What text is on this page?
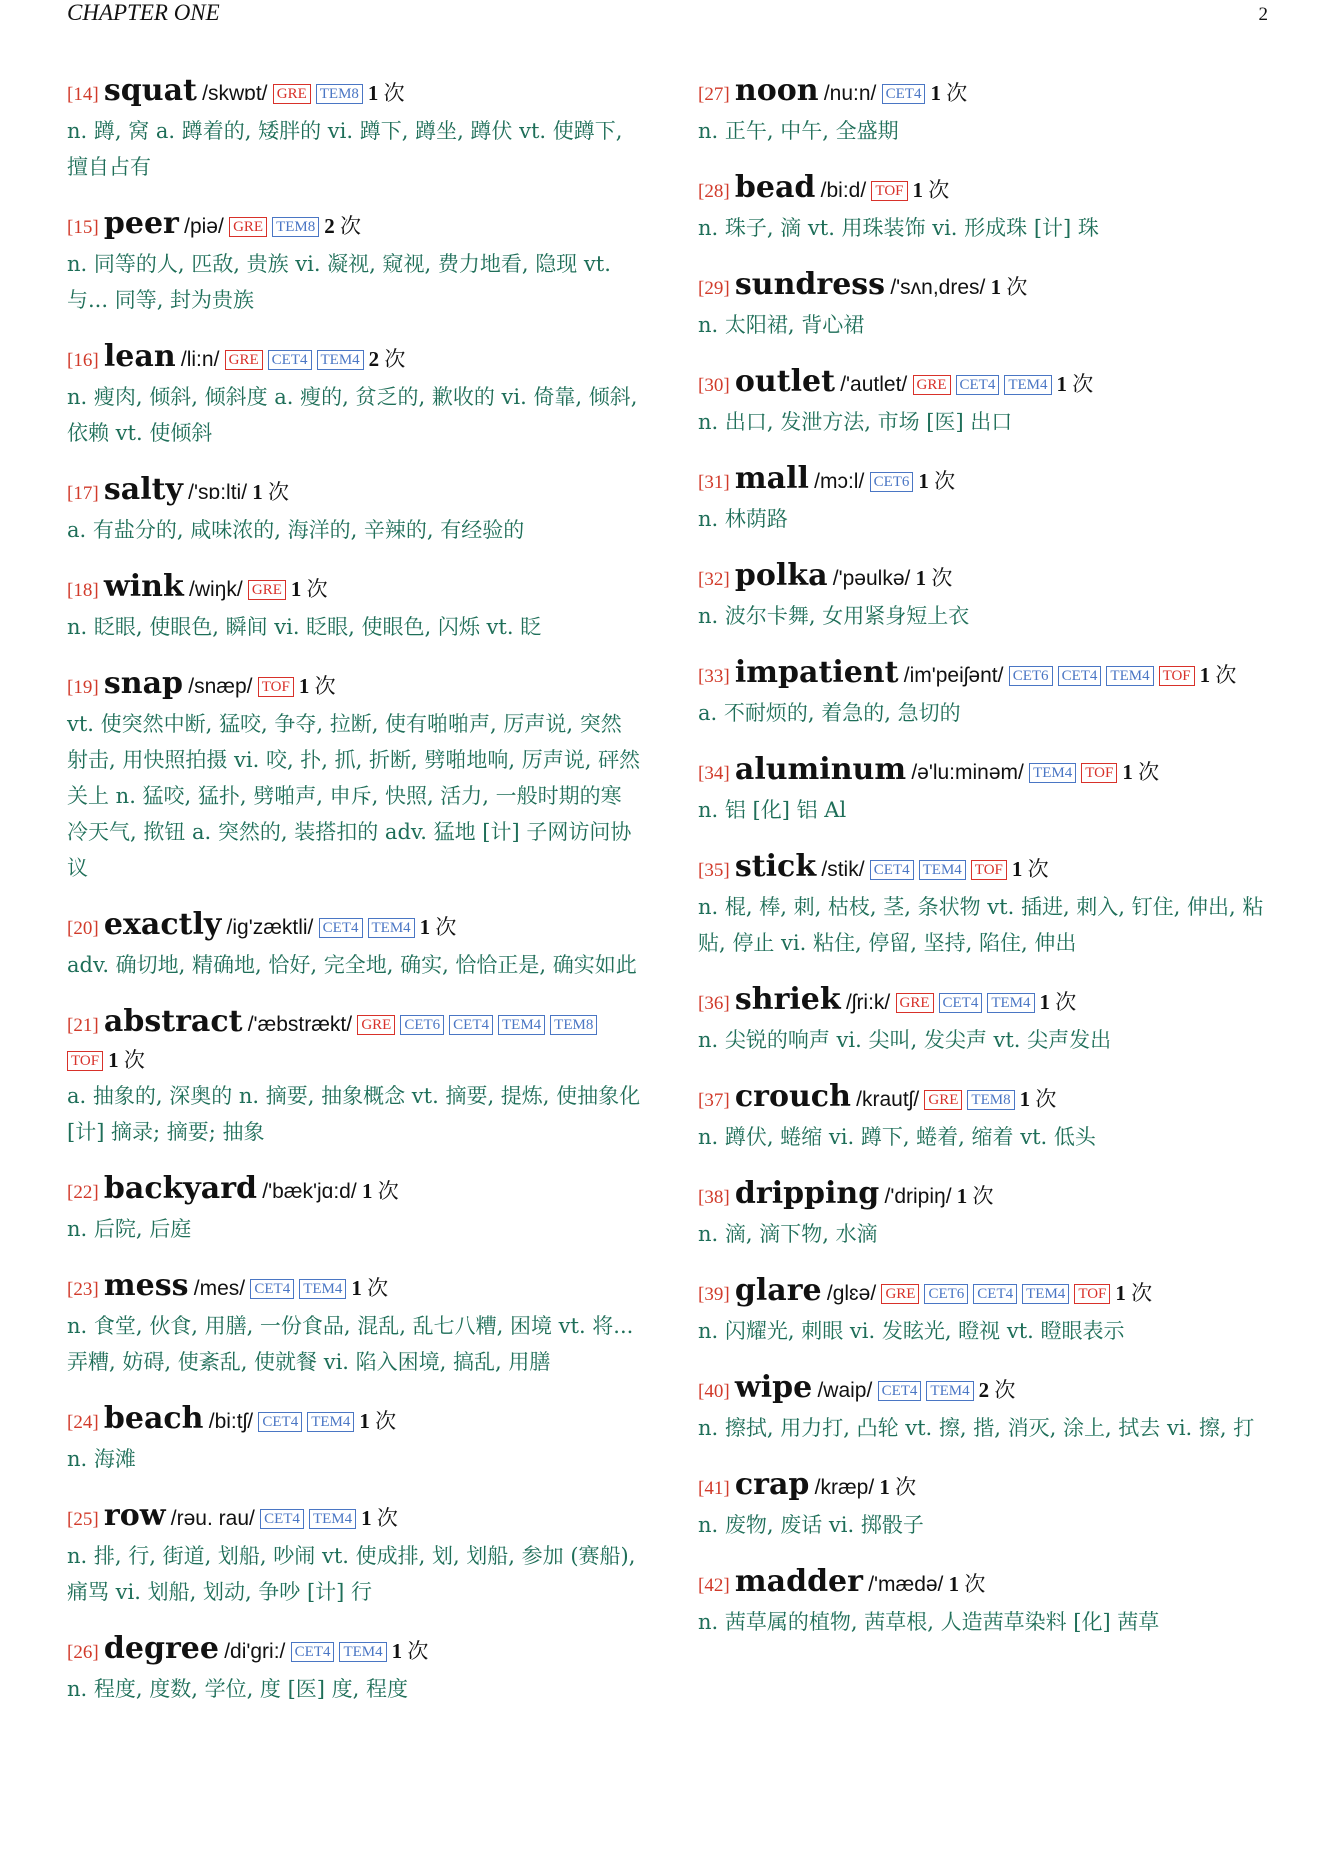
CHAPTER ONE	2
[14] squat /skwɒt/ GRE TEM8 1 次
n. 蹲, 窝 a. 蹲着的, 矮胖的 vi. 蹲下, 蹲坐, 蹲伏 vt. 使蹲下, 擅自占有
[15] peer /piə/ GRE TEM8 2 次
n. 同等的人, 匹敌, 贵族 vi. 凝视, 窥视, 费力地看, 隐现 vt. 与... 同等, 封为贵族
[16] lean /li:n/ GRE CET4 TEM4 2 次
n. 瘦肉, 倾斜, 倾斜度 a. 瘦的, 贫乏的, 歉收的 vi. 倚靠, 倾斜, 依赖 vt. 使倾斜
[17] salty /'sɒ:lti/ 1 次
a. 有盐分的, 咸味浓的, 海洋的, 辛辣的, 有经验的
[18] wink /wiŋk/ GRE 1 次
n. 眨眼, 使眼色, 瞬间 vi. 眨眼, 使眼色, 闪烁 vt. 眨
[19] snap /snæp/ TOF 1 次
vt. 使突然中断, 猛咬, 争夺, 拉断, 使有啪啪声, 厉声说, 突然射击, 用快照拍摄 vi. 咬, 扑, 抓, 折断, 劈啪地响, 厉声说, 砰然关上 n. 猛咬, 猛扑, 劈啪声, 申斥, 快照, 活力, 一般时期的寒冷天气, 揿钮 a. 突然的, 装搭扣的 adv. 猛地 [计] 子网访问协议
[20] exactly /ig'zæktli/ CET4 TEM4 1 次
adv. 确切地, 精确地, 恰好, 完全地, 确实, 恰恰正是, 确实如此
[21] abstract /'æbstrækt/ GRE CET6 CET4 TEM4 TEM8TOF 1 次
a. 抽象的, 深奥的 n. 摘要, 抽象概念 vt. 摘要, 提炼, 使抽象化 [计] 摘录; 摘要; 抽象
[22] backyard /'bæk'jɑ:d/ 1 次
n. 后院, 后庭
[23] mess /mes/ CET4 TEM4 1 次
n. 食堂, 伙食, 用膳, 一份食品, 混乱, 乱七八糟, 困境 vt. 将... 弄糟, 妨碍, 使紊乱, 使就餐 vi. 陷入困境, 搞乱, 用膳
[24] beach /bi:tʃ/ CET4 TEM4 1 次
n. 海滩
[25] row /rəu. rau/ CET4 TEM4 1 次
n. 排, 行, 街道, 划船, 吵闹 vt. 使成排, 划, 划船, 参加 (赛船), 痛骂 vi. 划船, 划动, 争吵 [计] 行
[26] degree /di'gri:/ CET4 TEM4 1 次
n. 程度, 度数, 学位, 度 [医] 度, 程度
[27] noon /nu:n/ CET4 1 次
n. 正午, 中午, 全盛期
[28] bead /bi:d/ TOF 1 次
n. 珠子, 滴 vt. 用珠装饰 vi. 形成珠 [计] 珠
[29] sundress /'sʌn,dres/ 1 次
n. 太阳裙, 背心裙
[30] outlet /'autlet/ GRE CET4 TEM4 1 次
n. 出口, 发泄方法, 市场 [医] 出口
[31] mall /mɔ:l/ CET6 1 次
n. 林荫路
[32] polka /'pəulkə/ 1 次
n. 波尔卡舞, 女用紧身短上衣
[33] impatient /im'peiʃənt/ CET6 CET4 TEM4 TOF 1 次
a. 不耐烦的, 着急的, 急切的
[34] aluminum /ə'lu:minəm/ TEM4 TOF 1 次
n. 铝 [化] 铝 Al
[35] stick /stik/ CET4 TEM4 TOF 1 次
n. 棍, 棒, 刺, 枯枝, 茎, 条状物 vt. 插进, 刺入, 钉住, 伸出, 粘贴, 停止 vi. 粘住, 停留, 坚持, 陷住, 伸出
[36] shriek /ʃri:k/ GRE CET4 TEM4 1 次
n. 尖锐的响声 vi. 尖叫, 发尖声 vt. 尖声发出
[37] crouch /krautʃ/ GRE TEM8 1 次
n. 蹲伏, 蜷缩 vi. 蹲下, 蜷着, 缩着 vt. 低头
[38] dripping /'dripiŋ/ 1 次
n. 滴, 滴下物, 水滴
[39] glare /glɛə/ GRE CET6 CET4 TEM4 TOF 1 次
n. 闪耀光, 刺眼 vi. 发眩光, 瞪视 vt. 瞪眼表示
[40] wipe /waip/ CET4 TEM4 2 次
n. 擦拭, 用力打, 凸轮 vt. 擦, 揩, 消灭, 涂上, 拭去 vi. 擦, 打
[41] crap /kræp/ 1 次
n. 废物, 废话 vi. 掷骰子
[42] madder /'mædə/ 1 次
n. 茜草属的植物, 茜草根, 人造茜草染料 [化] 茜草
